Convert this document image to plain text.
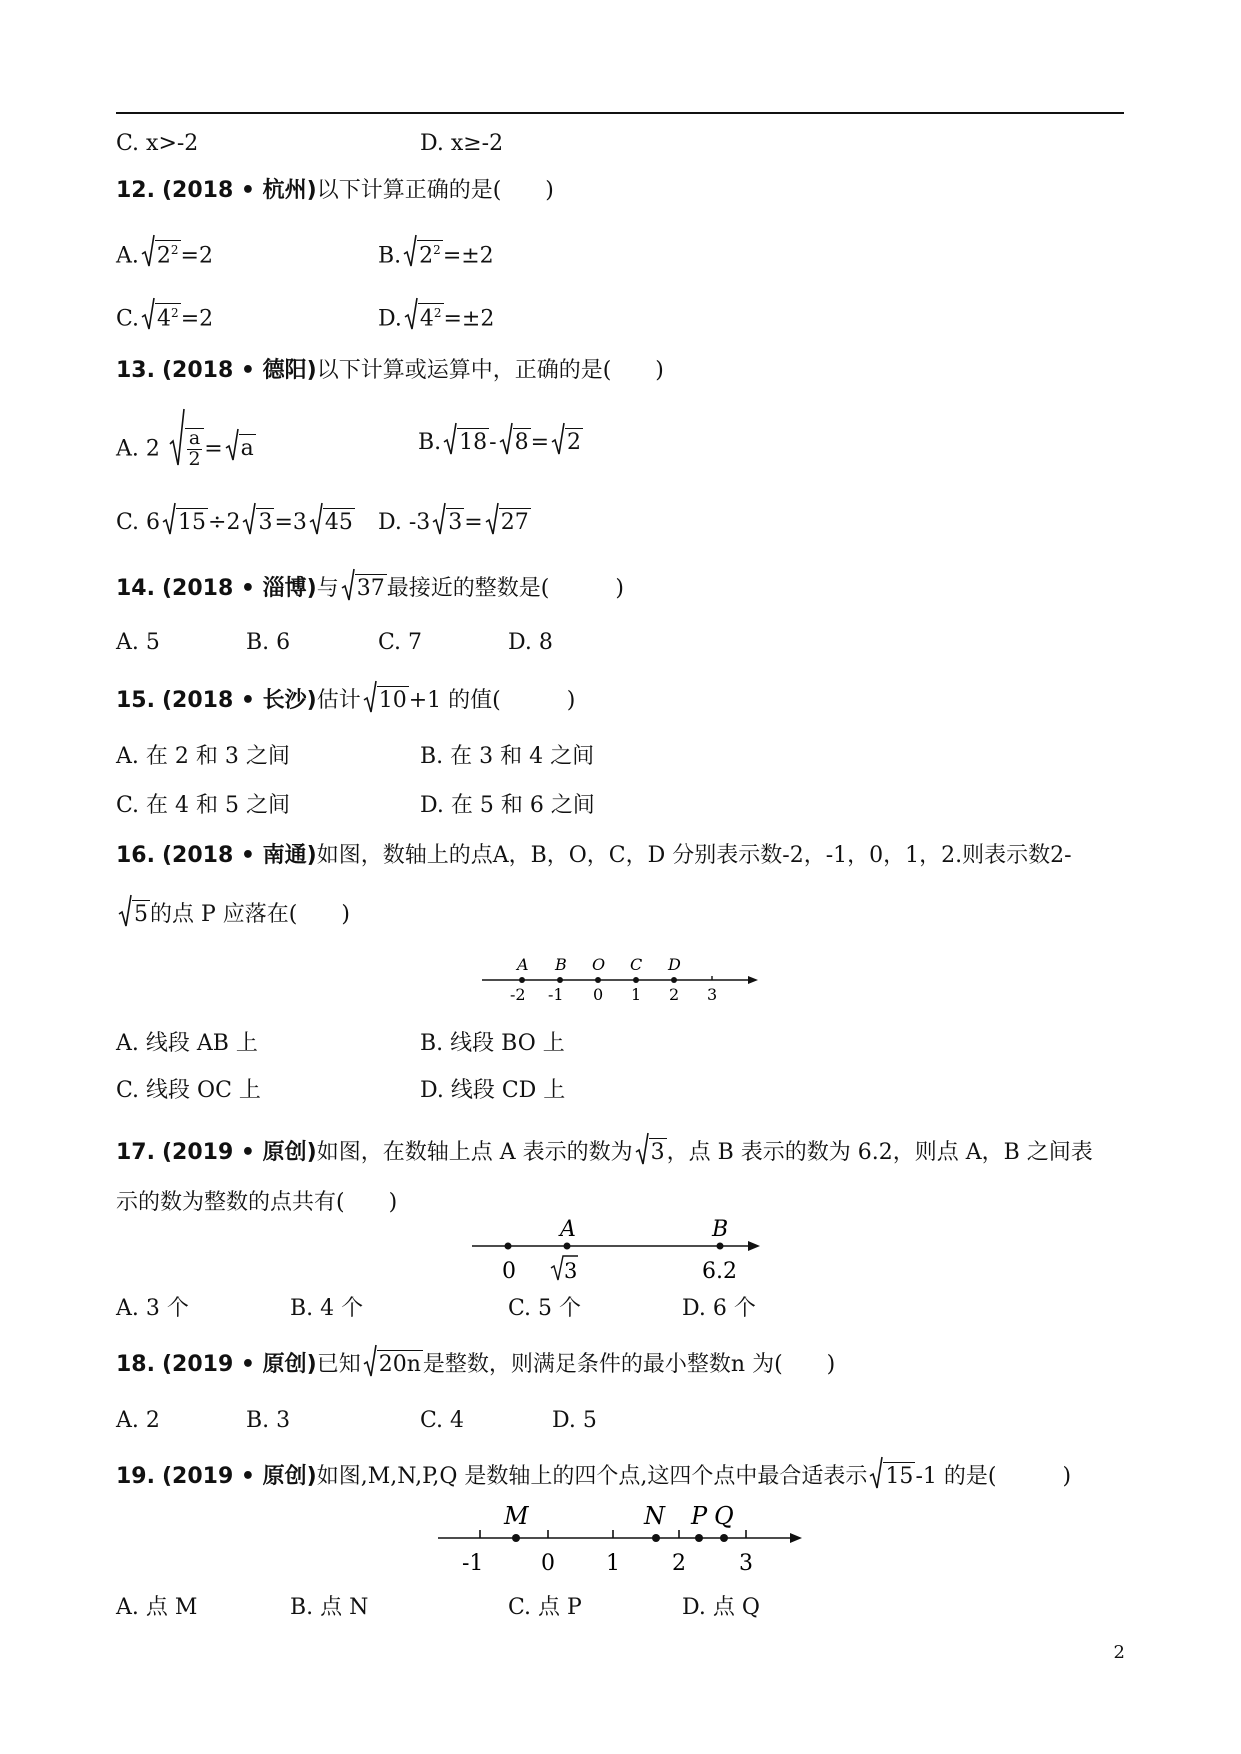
C. x>-2	D. x≥-2
12. (2018 • 杭州)以下计算正确的是(　　)
A. $2^2=2$	B. $2^2=\pm 2$
C. $4^2=2$	D. $4^2=\pm 2$
13. (2018 • 德阳)以下计算或运算中，正确的是(　　)
A. $2 \frac{a}{2} = a$	B. 18- 8= 2
C. 6 15÷2 3=3 45 D. -3 3= 27
14. (2018 • 淄博)与 37最接近的整数是(　　　)
A. 5	B. 6	C. 7	D. 8
15. (2018 • 长沙)估计 10+1 的值(　　　)
A. 在 2 和 3 之间	B. 在 3 和 4 之间
C. 在 4 和 5 之间	D. 在 5 和 6 之间
16. (2018 • 南通)如图，数轴上的点A，B，O，C，D 分别表示数-2，-1，0，1，2.则表示数2-
5的点 P 应落在(　　)
A B O C D
-2 -1 0 1 2 3
A. 线段 AB 上	B. 线段 BO 上
C. 线段 OC 上	D. 线段 CD 上
17. (2019 • 原创)如图，在数轴上点 A 表示的数为 3，点 B 表示的数为 6.2，则点 A，B 之间表
示的数为整数的点共有(　　)
A	B
0 3	6.2
A. 3 个	B. 4 个	C. 5 个	D. 6 个
18. (2019 • 原创)已知 20n是整数，则满足条件的最小整数n 为(　　)
A. 2	B. 3	C. 4	D. 5
19. (2019 • 原创)如图,M,N,P,Q 是数轴上的四个点,这四个点中最合适表示 15-1 的是(　　　)
M	N P Q
-1	0 1 2 3
A. 点 M	B. 点 N	C. 点 P	D. 点 Q
2
